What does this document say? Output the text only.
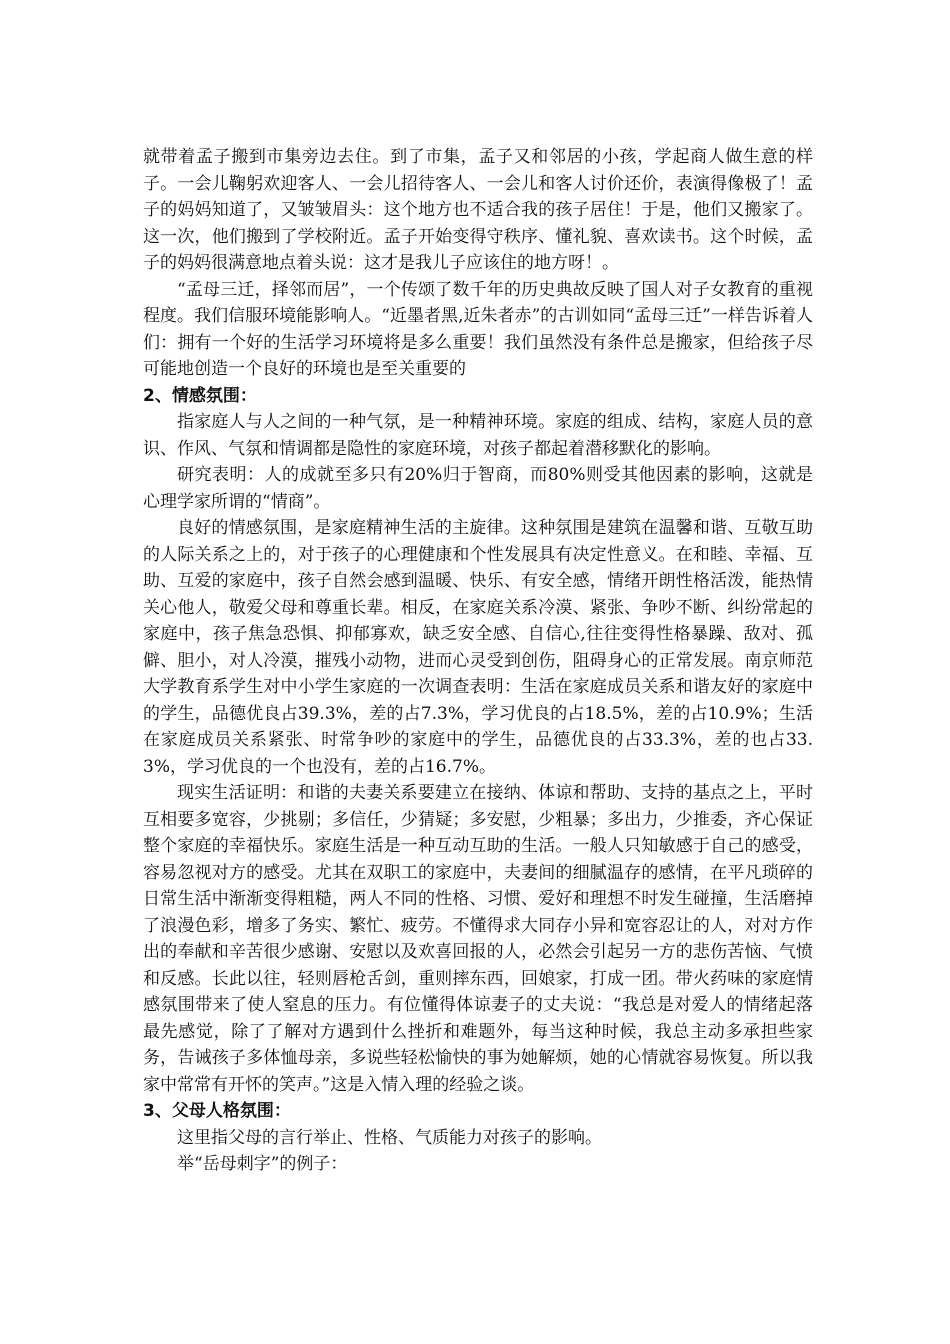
就带着孟子搬到市集旁边去住。到了市集，孟子又和邻居的小孩，学起商人做生意的样子。一会儿鞠躬欢迎客人、一会儿招待客人、一会儿和客人讨价还价，表演得像极了！孟子的妈妈知道了，又皱皱眉头：这个地方也不适合我的孩子居住！于是，他们又搬家了。这一次，他们搬到了学校附近。孟子开始变得守秩序、懂礼貌、喜欢读书。这个时候，孟子的妈妈很满意地点着头说：这才是我儿子应该住的地方呀！。

“孟母三迁，择邻而居”，一个传颂了数千年的历史典故反映了国人对子女教育的重视程度。我们信服环境能影响人。“近墨者黑,近朱者赤”的古训如同“孟母三迁”一样告诉着人们：拥有一个好的生活学习环境将是多么重要！我们虽然没有条件总是搬家，但给孩子尽可能地创造一个良好的环境也是至关重要的

2、情感氛围：

指家庭人与人之间的一种气氛，是一种精神环境。家庭的组成、结构，家庭人员的意识、作风、气氛和情调都是隐性的家庭环境，对孩子都起着潜移默化的影响。

研究表明：人的成就至多只有20%归于智商，而80%则受其他因素的影响，这就是心理学家所谓的“情商”。

良好的情感氛围，是家庭精神生活的主旋律。这种氛围是建筑在温馨和谐、互敬互助的人际关系之上的，对于孩子的心理健康和个性发展具有决定性意义。在和睦、幸福、互助、互爱的家庭中，孩子自然会感到温暖、快乐、有安全感，情绪开朗性格活泼，能热情关心他人，敬爱父母和尊重长辈。相反，在家庭关系冷漠、紧张、争吵不断、纠纷常起的家庭中，孩子焦急恐惧、抑郁寡欢，缺乏安全感、自信心,往往变得性格暴躁、敌对、孤僻、胆小，对人冷漠，摧残小动物，进而心灵受到创伤，阻碍身心的正常发展。南京师范大学教育系学生对中小学生家庭的一次调查表明：生活在家庭成员关系和谐友好的家庭中的学生，品德优良占39.3%，差的占7.3%，学习优良的占18.5%，差的占10.9%；生活在家庭成员关系紧张、时常争吵的家庭中的学生，品德优良的占33.3%，差的也占33.3%，学习优良的一个也没有，差的占16.7%。

现实生活证明：和谐的夫妻关系要建立在接纳、体谅和帮助、支持的基点之上，平时互相要多宽容，少挑剔；多信任，少猜疑；多安慰，少粗暴；多出力，少推委，齐心保证整个家庭的幸福快乐。家庭生活是一种互动互助的生活。一般人只知敏感于自己的感受，容易忽视对方的感受。尤其在双职工的家庭中，夫妻间的细腻温存的感情，在平凡琐碎的日常生活中渐渐变得粗糙，两人不同的性格、习惯、爱好和理想不时发生碰撞，生活磨掉了浪漫色彩，增多了务实、繁忙、疲劳。不懂得求大同存小异和宽容忍让的人，对对方作出的奉献和辛苦很少感谢、安慰以及欢喜回报的人，必然会引起另一方的悲伤苦恼、气愤和反感。长此以往，轻则唇枪舌剑，重则摔东西，回娘家，打成一团。带火药味的家庭情感氛围带来了使人窒息的压力。有位懂得体谅妻子的丈夫说：“我总是对爱人的情绪起落最先感觉，除了了解对方遇到什么挫折和难题外，每当这种时候，我总主动多承担些家务，告诫孩子多体恤母亲，多说些轻松愉快的事为她解烦，她的心情就容易恢复。所以我家中常常有开怀的笑声。”这是入情入理的经验之谈。

3、父母人格氛围：

这里指父母的言行举止、性格、气质能力对孩子的影响。

举“岳母刺字”的例子：
